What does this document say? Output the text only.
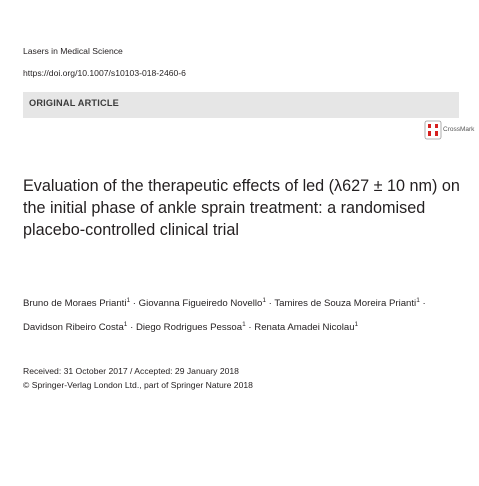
Lasers in Medical Science
https://doi.org/10.1007/s10103-018-2460-6
ORIGINAL ARTICLE
CrossMark
Evaluation of the therapeutic effects of led (λ627 ± 10 nm) on the initial phase of ankle sprain treatment: a randomised placebo-controlled clinical trial
Bruno de Moraes Prianti$^1$ · Giovanna Figueiredo Novello$^1$ · Tamires de Souza Moreira Prianti$^1$ ·
Davidson Ribeiro Costa$^1$ · Diego Rodrigues Pessoa$^1$ · Renata Amadei Nicolau$^1$
Received: 31 October 2017 / Accepted: 29 January 2018
© Springer-Verlag London Ltd., part of Springer Nature 2018
